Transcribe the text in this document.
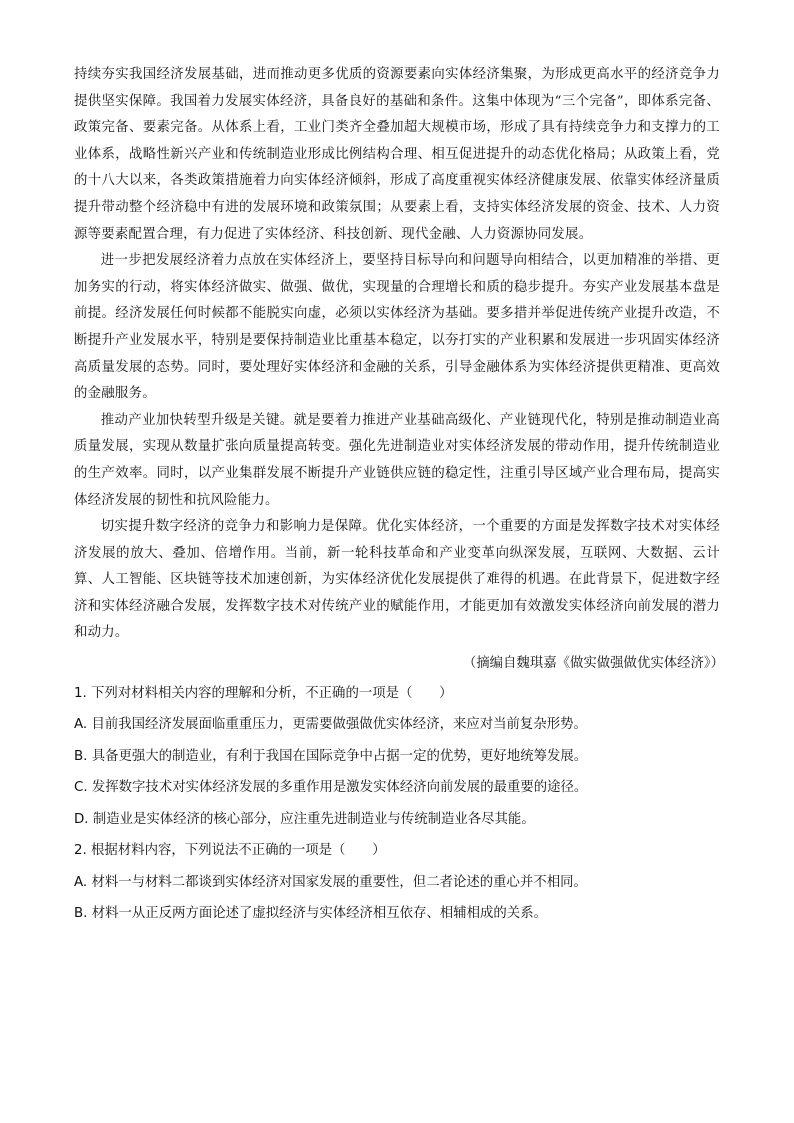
持续夯实我国经济发展基础，进而推动更多优质的资源要素向实体经济集聚，为形成更高水平的经济竞争力提供坚实保障。我国着力发展实体经济，具备良好的基础和条件。这集中体现为“三个完备”，即体系完备、政策完备、要素完备。从体系上看，工业门类齐全叠加超大规模市场，形成了具有持续竞争力和支撑力的工业体系，战略性新兴产业和传统制造业形成比例结构合理、相互促进提升的动态优化格局；从政策上看，党的十八大以来，各类政策措施着力向实体经济倾斜，形成了高度重视实体经济健康发展、依靠实体经济量质提升带动整个经济稳中有进的发展环境和政策氛围；从要素上看，支持实体经济发展的资金、技术、人力资源等要素配置合理，有力促进了实体经济、科技创新、现代金融、人力资源协同发展。

进一步把发展经济着力点放在实体经济上，要坚持目标导向和问题导向相结合，以更加精准的举措、更加务实的行动，将实体经济做实、做强、做优，实现量的合理增长和质的稳步提升。夯实产业发展基本盘是前提。经济发展任何时候都不能脱实向虚，必须以实体经济为基础。要多措并举促进传统产业提升改造，不断提升产业发展水平，特别是要保持制造业比重基本稳定，以夯打实的产业积累和发展进一步巩固实体经济高质量发展的态势。同时，要处理好实体经济和金融的关系，引导金融体系为实体经济提供更精准、更高效的金融服务。

推动产业加快转型升级是关键。就是要着力推进产业基础高级化、产业链现代化，特别是推动制造业高质量发展，实现从数量扩张向质量提高转变。强化先进制造业对实体经济发展的带动作用，提升传统制造业的生产效率。同时，以产业集群发展不断提升产业链供应链的稳定性，注重引导区域产业合理布局，提高实体经济发展的韧性和抗风险能力。

切实提升数字经济的竞争力和影响力是保障。优化实体经济，一个重要的方面是发挥数字技术对实体经济发展的放大、叠加、倍增作用。当前，新一轮科技革命和产业变革向纵深发展，互联网、大数据、云计算、人工智能、区块链等技术加速创新，为实体经济优化发展提供了难得的机遇。在此背景下，促进数字经济和实体经济融合发展，发挥数字技术对传统产业的赋能作用，才能更加有效激发实体经济向前发展的潜力和动力。

（摘编自魏琪嘉《做实做强做优实体经济》）

1. 下列对材料相关内容的理解和分析，不正确的一项是（　　）

A. 目前我国经济发展面临重重压力，更需要做强做优实体经济，来应对当前复杂形势。

B. 具备更强大的制造业，有利于我国在国际竞争中占据一定的优势，更好地统筹发展。

C. 发挥数字技术对实体经济发展的多重作用是激发实体经济向前发展的最重要的途径。

D. 制造业是实体经济的核心部分，应注重先进制造业与传统制造业各尽其能。

2. 根据材料内容，下列说法不正确的一项是（　　）

A. 材料一与材料二都谈到实体经济对国家发展的重要性，但二者论述的重心并不相同。

B. 材料一从正反两方面论述了虚拟经济与实体经济相互依存、相辅相成的关系。
